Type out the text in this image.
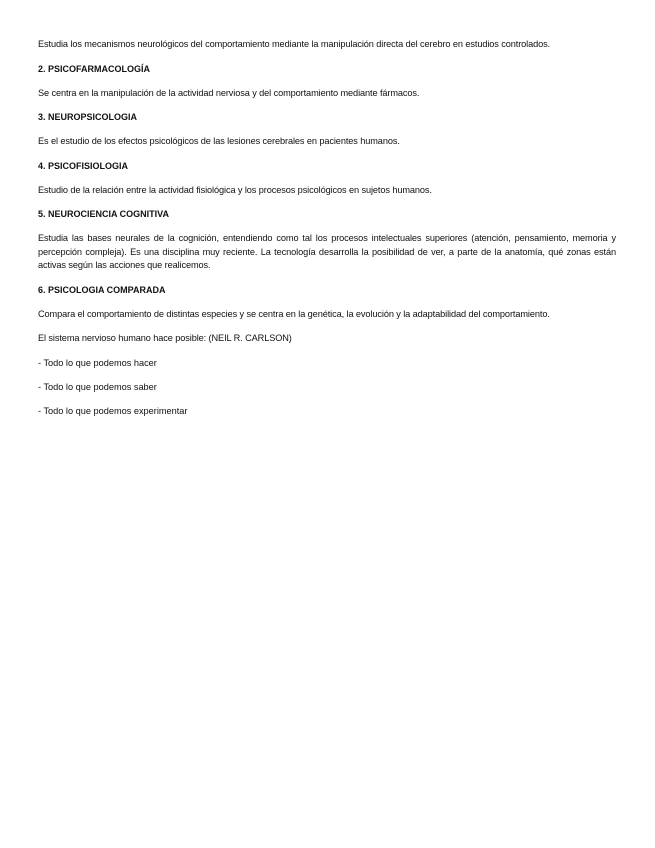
Estudia los mecanismos neurológicos del comportamiento mediante la manipulación directa del cerebro en estudios controlados.

2. PSICOFARMACOLOGÍA

Se centra en la manipulación de la actividad nerviosa y del comportamiento mediante fármacos.

3. NEUROPSICOLOGIA

Es el estudio de los efectos psicológicos de las lesiones cerebrales en pacientes humanos.

4. PSICOFISIOLOGIA

Estudio de la relación entre la actividad fisiológica y los procesos psicológicos en sujetos humanos.

5. NEUROCIENCIA COGNITIVA

Estudia las bases neurales de la cognición, entendiendo como tal los procesos intelectuales superiores (atención, pensamiento, memoria y percepción compleja). Es una disciplina muy reciente. La tecnología desarrolla la posibilidad de ver, a parte de la anatomía, qué zonas están activas según las acciones que realicemos.

6. PSICOLOGIA COMPARADA

Compara el comportamiento de distintas especies y se centra en la genética, la evolución y la adaptabilidad del comportamiento.

El sistema nervioso humano hace posible: (NEIL R. CARLSON)

- Todo lo que podemos hacer
- Todo lo que podemos saber
- Todo lo que podemos experimentar
